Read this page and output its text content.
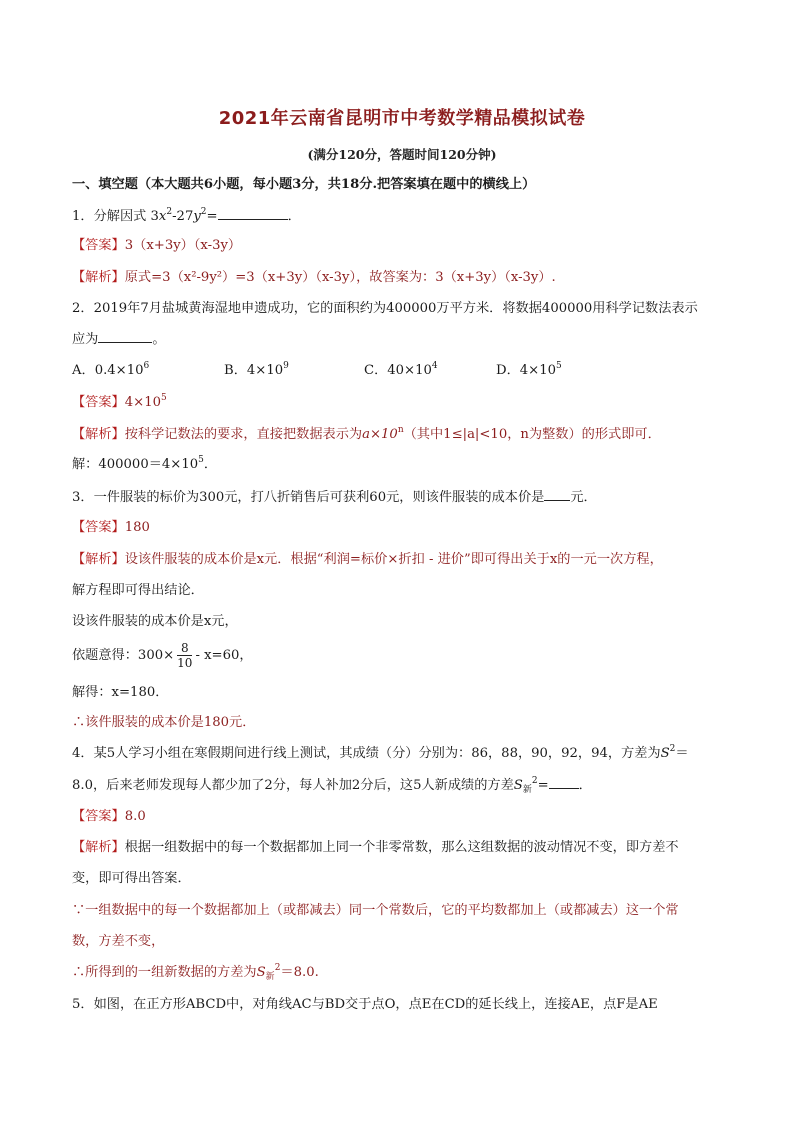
2021年云南省昆明市中考数学精品模拟试卷
(满分120分，答题时间120分钟)
一、填空题（本大题共6小题，每小题3分，共18分.把答案填在题中的横线上）
1．分解因式 $3x^2-27y^2=$	．
【答案】3（x+3y）（x-3y）
【解析】原式=3（x²-9y²）=3（x+3y）（x-3y），故答案为：3（x+3y）（x-3y）.
2．2019年7月盐城黄海湿地申遗成功，它的面积约为400000万平方米．将数据400000用科学记数法表示
应为	。
A．$0.4\times 10^6$	B．$4\times 10^9$	C．$40\times 10^4$	D．$4\times 10^5$
【答案】$4\times 10^5$
【解析】按科学记数法的要求，直接把数据表示为$a\times 10^n$（其中1≤|a|<10，n为整数）的形式即可．
解：$400000=4\times 10^5$．
3．一件服装的标价为300元，打八折销售后可获利60元，则该件服装的成本价是 元．
【答案】180
【解析】设该件服装的成本价是x元．根据“利润=标价×折扣 - 进价”即可得出关于x的一元一次方程，
解方程即可得出结论．
设该件服装的成本价是x元，
依题意得：$300\times \frac{8}{10} - x=60$，
解得：x=180．
∴该件服装的成本价是180元．
4．某5人学习小组在寒假期间进行线上测试，其成绩（分）分别为：86，88，90，92，94，方差为$S^2=$
8.0，后来老师发现每人都少加了2分，每人补加2分后，这5人新成绩的方差$S_新^2=$ ．
【答案】8.0
【解析】根据一组数据中的每一个数据都加上同一个非零常数，那么这组数据的波动情况不变，即方差不
变，即可得出答案．
∵一组数据中的每一个数据都加上（或都减去）同一个常数后，它的平均数都加上（或都减去）这一个常
数，方差不变，
∴所得到的一组新数据的方差为$S_新^2=8.0$.
5．如图，在正方形ABCD中，对角线AC与BD交于点O，点E在CD的延长线上，连接AE，点F是AE
